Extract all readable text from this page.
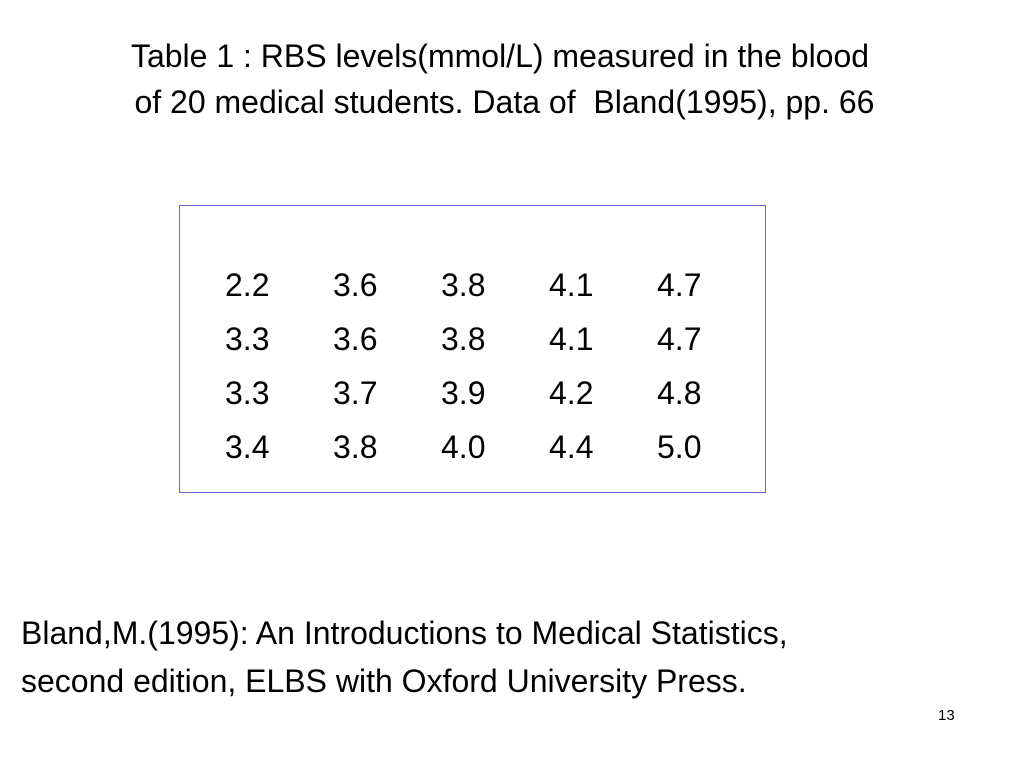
Table 1 : RBS levels(mmol/L) measured in the blood
of 20 medical students. Data of  Bland(1995), pp. 66
2.2	3.6	3.8	4.1	4.7
3.3	3.6	3.8	4.1	4.7
3.3	3.7	3.9	4.2	4.8
3.4	3.8	4.0	4.4	5.0
Bland,M.(1995): An Introductions to Medical Statistics,
second edition, ELBS with Oxford University Press.
13
